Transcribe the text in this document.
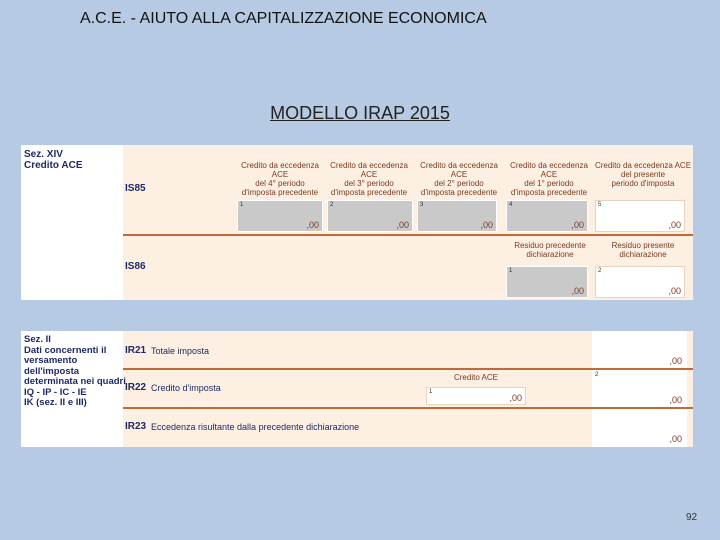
A.C.E. - AIUTO ALLA CAPITALIZZAZIONE ECONOMICA
MODELLO IRAP 2015
Sez. XIV
Credito ACE
IS85
Credito da eccedenza ACE
del 4° periodo
d'imposta precedente
Credito da eccedenza ACE
del 3° periodo
d'imposta precedente
Credito da eccedenza ACE
del 2° periodo
d'imposta precedente
Credito da eccedenza ACE
del 1° periodo
d'imposta precedente
Credito da eccedenza ACE
del presente
periodo d'imposta
1
,00
2
,00
3
,00
4
,00
5
,00
IS86
Residuo precedente
dichiarazione
Residuo presente
dichiarazione
1
,00
2
,00
Sez. II
Dati concernenti il
versamento
dell'imposta
determinata nei quadri
IQ - IP - IC - IE
IK (sez. II e III)
IR21 Totale imposta
,00
IR22 Credito d'imposta
Credito ACE
1
,00
2
,00
IR23 Eccedenza risultante dalla precedente dichiarazione
,00
92
